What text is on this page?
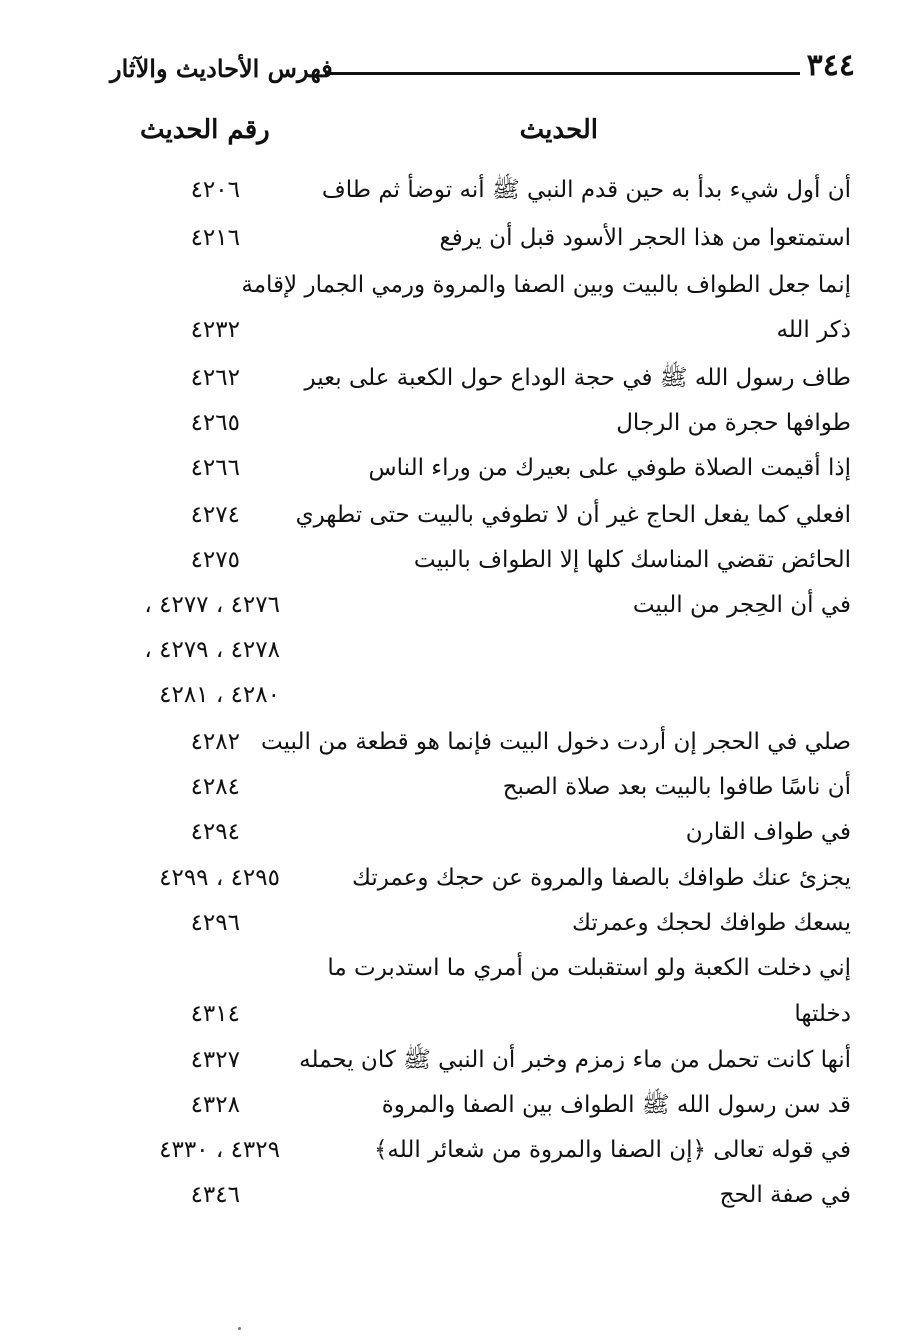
٣٤٤
فهرس الأحاديث والآثار
الحديث
رقم الحديث
أن أول شيء بدأ به حين قدم النبي ﷺ أنه توضأ ثم طاف
٤٢٠٦
استمتعوا من هذا الحجر الأسود قبل أن يرفع
٤٢١٦
إنما جعل الطواف بالبيت وبين الصفا والمروة ورمي الجمار لإقامة
ذكر الله
٤٢٣٢
طاف رسول الله ﷺ في حجة الوداع حول الكعبة على بعير
٤٢٦٢
طوافها حجرة من الرجال
٤٢٦٥
إذا أقيمت الصلاة طوفي على بعيرك من وراء الناس
٤٢٦٦
افعلي كما يفعل الحاج غير أن لا تطوفي بالبيت حتى تطهري
٤٢٧٤
الحائض تقضي المناسك كلها إلا الطواف بالبيت
٤٢٧٥
في أن الحِجر من البيت
٤٢٧٦ ، ٤٢٧٧ ،
٤٢٧٨ ، ٤٢٧٩ ،
٤٢٨٠ ، ٤٢٨١
صلي في الحجر إن أردت دخول البيت فإنما هو قطعة من البيت
٤٢٨٢
أن ناسًا طافوا بالبيت بعد صلاة الصبح
٤٢٨٤
في طواف القارن
٤٢٩٤
يجزئ عنك طوافك بالصفا والمروة عن حجك وعمرتك
٤٢٩٥ ، ٤٢٩٩
يسعك طوافك لحجك وعمرتك
٤٢٩٦
إني دخلت الكعبة ولو استقبلت من أمري ما استدبرت ما
دخلتها
٤٣١٤
أنها كانت تحمل من ماء زمزم وخبر أن النبي ﷺ كان يحمله
٤٣٢٧
قد سن رسول الله ﷺ الطواف بين الصفا والمروة
٤٣٢٨
في قوله تعالى ﴿إن الصفا والمروة من شعائر الله﴾
٤٣٢٩ ، ٤٣٣٠
في صفة الحج
٤٣٤٦
